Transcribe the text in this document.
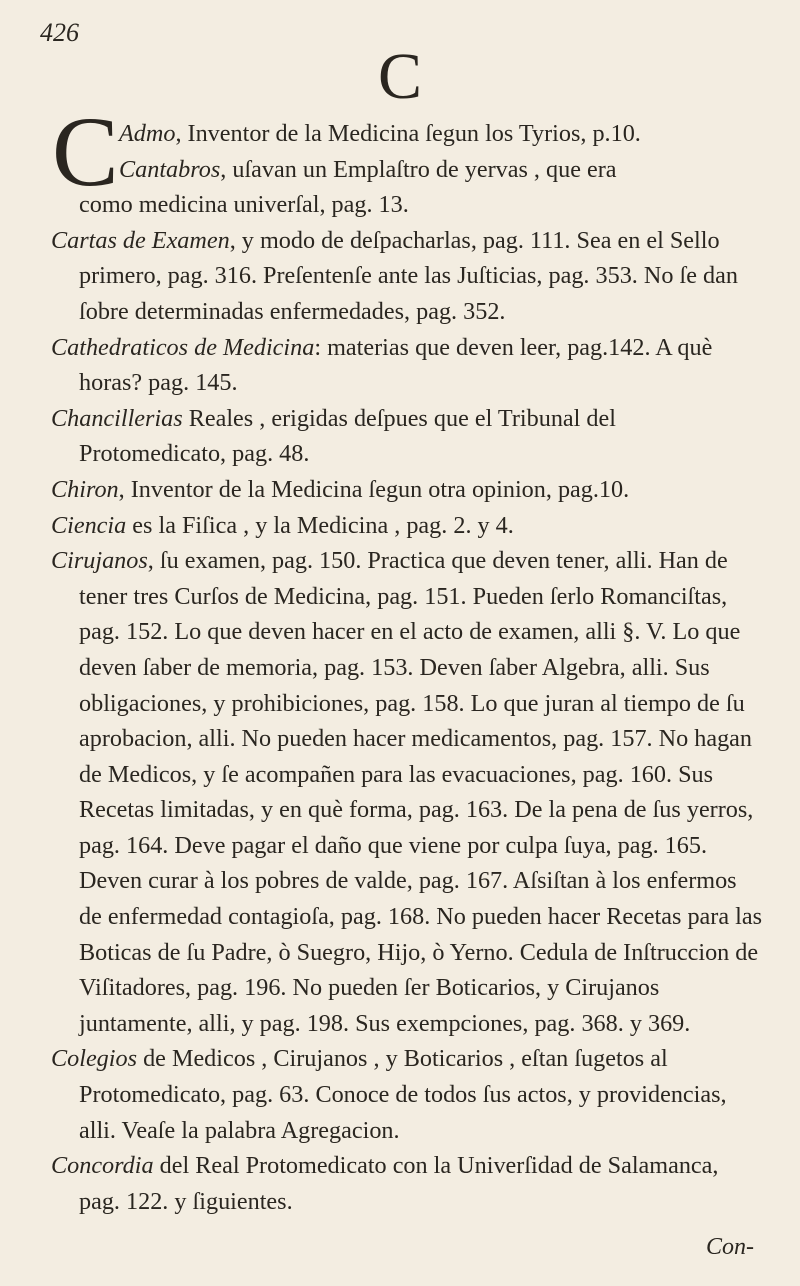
426
C
C Admo, Inventor de la Medicina ſegun los Tyrios, p.10.

Cantabros, uſavan un Emplaſtro de yervas , que era

como medicina univerſal, pag. 13.

Cartas de Examen, y modo de deſpacharlas, pag. 111. Sea en el Sello primero, pag. 316. Preſentenſe ante las Juſticias, pag. 353. No ſe dan ſobre determinadas enfermedades, pag. 352.

Cathedraticos de Medicina: materias que deven leer, pag.142. A què horas? pag. 145.

Chancillerias Reales , erigidas deſpues que el Tribunal del Protomedicato, pag. 48.

Chiron, Inventor de la Medicina ſegun otra opinion, pag.10.

Ciencia es la Fiſica , y la Medicina , pag. 2. y 4.

Cirujanos, ſu examen, pag. 150. Practica que deven tener, alli. Han de tener tres Curſos de Medicina, pag. 151. Pueden ſerlo Romanciſtas, pag. 152. Lo que deven hacer en el acto de examen, alli §. V. Lo que deven ſaber de memoria, pag. 153. Deven ſaber Algebra, alli. Sus obligaciones, y prohibiciones, pag. 158. Lo que juran al tiempo de ſu aprobacion, alli. No pueden hacer medicamentos, pag. 157. No hagan de Medicos, y ſe acompañen para las evacuaciones, pag. 160. Sus Recetas limitadas, y en què forma, pag. 163. De la pena de ſus yerros, pag. 164. Deve pagar el daño que viene por culpa ſuya, pag. 165. Deven curar à los pobres de valde, pag. 167. Aſsiſtan à los enfermos de enfermedad contagioſa, pag. 168. No pueden hacer Recetas para las Boticas de ſu Padre, ò Suegro, Hijo, ò Yerno. Cedula de Inſtruccion de Viſitadores, pag. 196. No pueden ſer Boticarios, y Cirujanos juntamente, alli, y pag. 198. Sus exempciones, pag. 368. y 369.

Colegios de Medicos , Cirujanos , y Boticarios , eſtan ſugetos al Protomedicato, pag. 63. Conoce de todos ſus actos, y providencias, alli. Veaſe la palabra Agregacion.

Concordia del Real Protomedicato con la Univerſidad de Salamanca, pag. 122. y ſiguientes.

Con-
